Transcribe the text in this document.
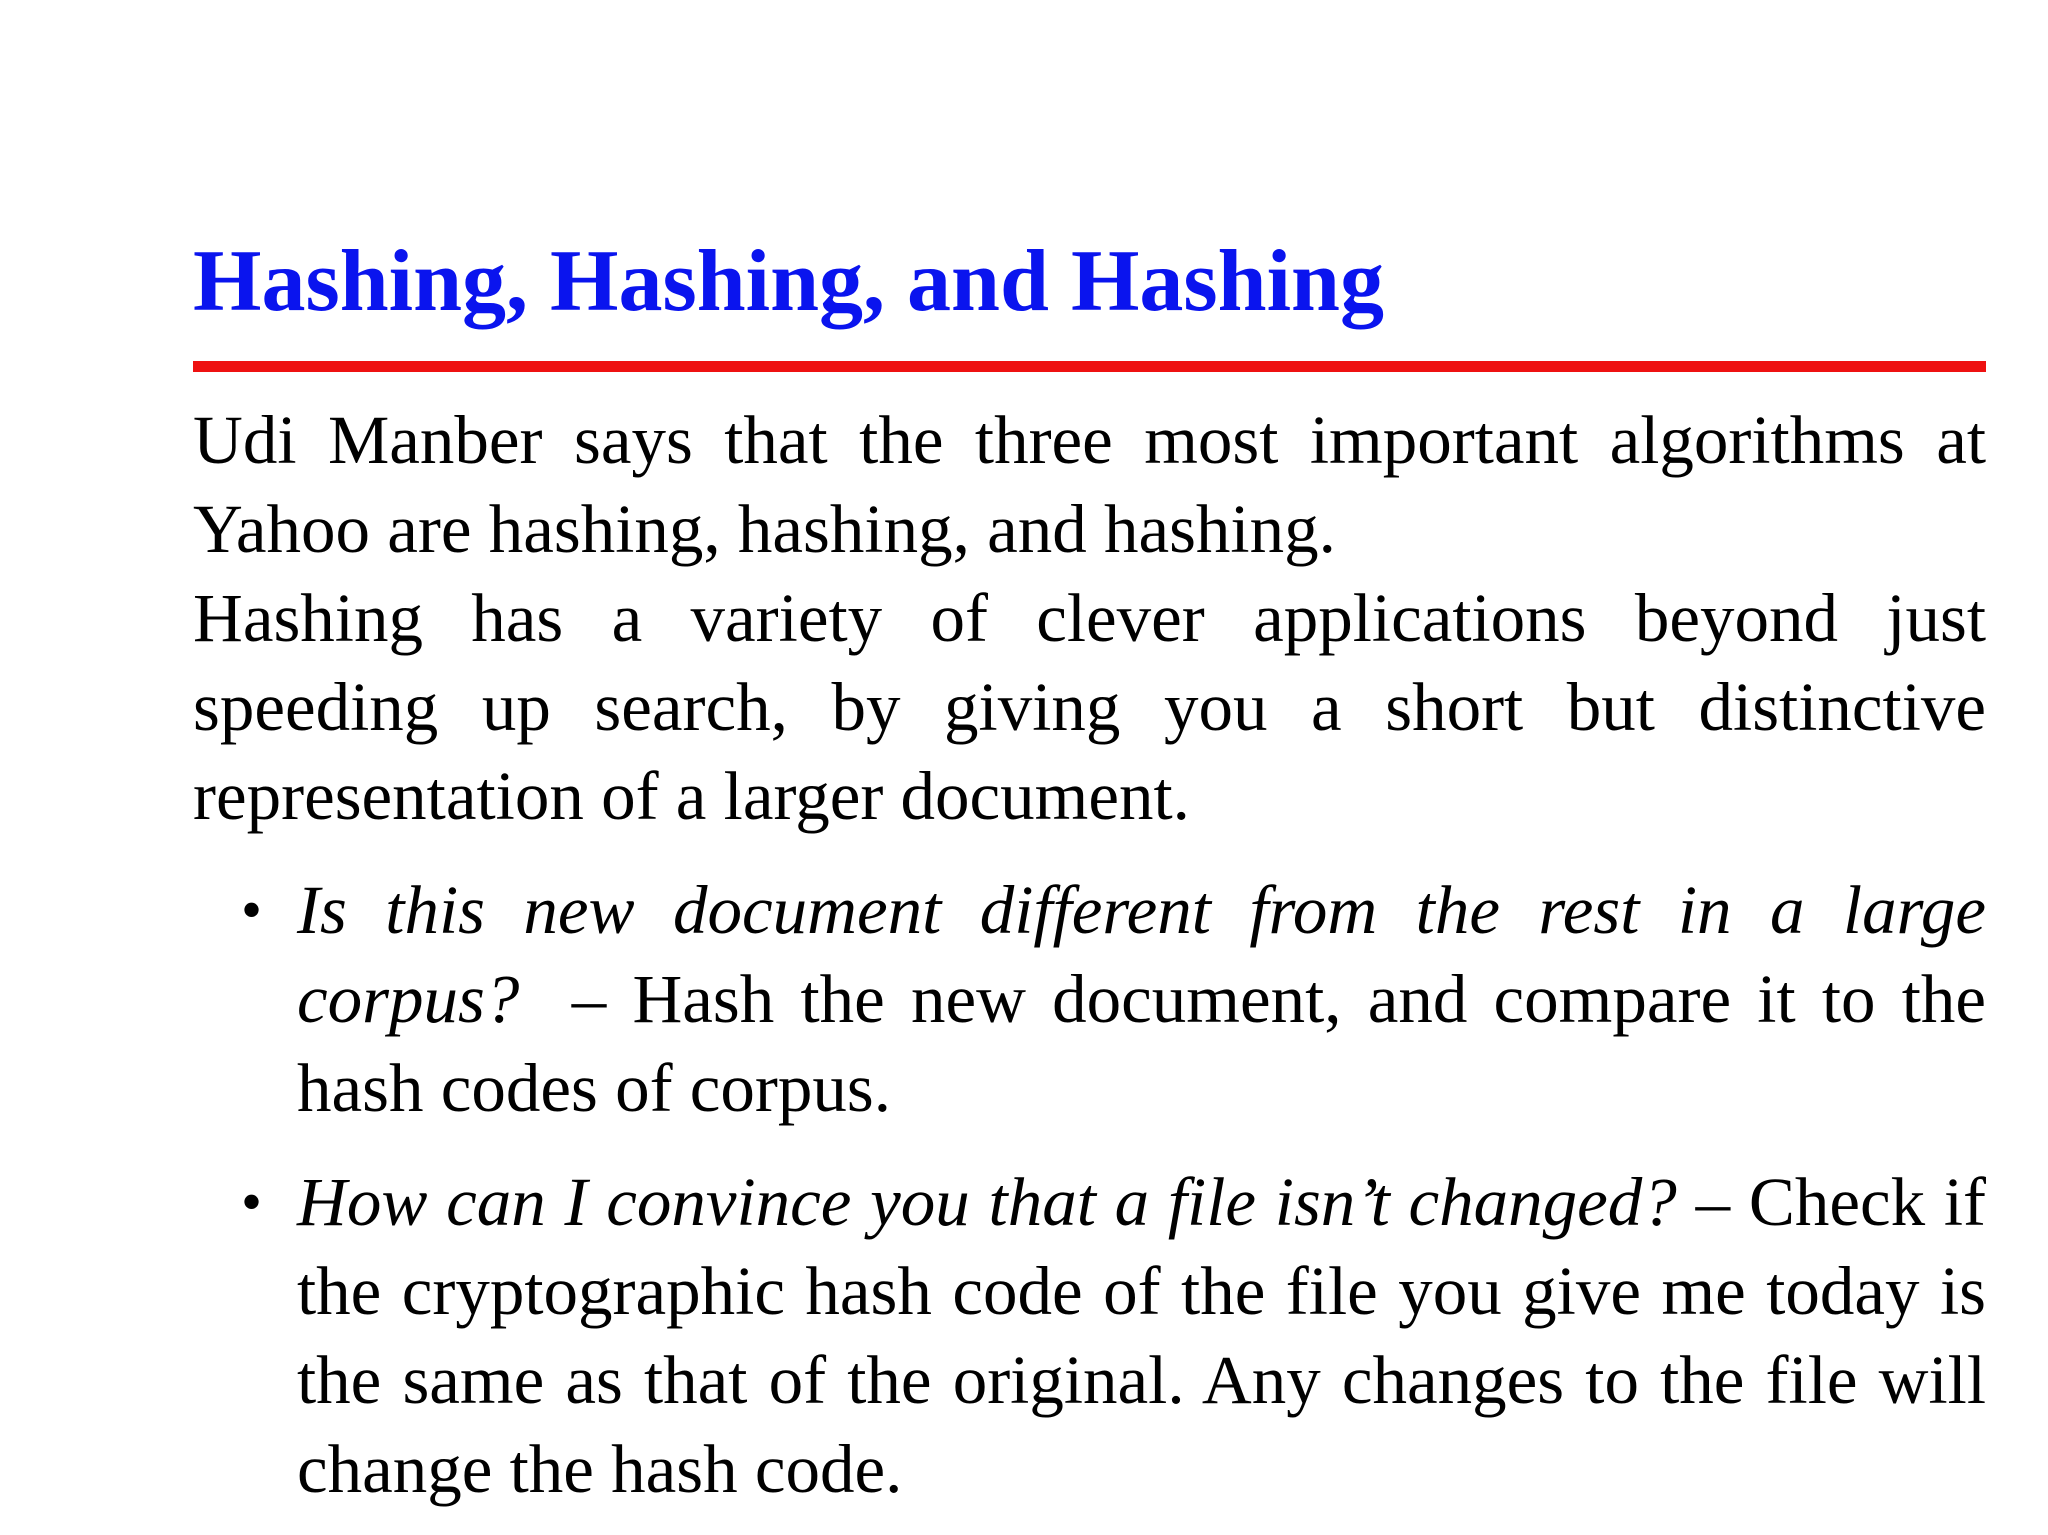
Hashing, Hashing, and Hashing

Udi Manber says that the three most important algorithms at Yahoo are hashing, hashing, and hashing.

Hashing has a variety of clever applications beyond just speeding up search, by giving you a short but distinctive representation of a larger document.

• Is this new document different from the rest in a large corpus? – Hash the new document, and compare it to the hash codes of corpus.
• How can I convince you that a file isn’t changed? – Check if the cryptographic hash code of the file you give me today is the same as that of the original. Any changes to the file will change the hash code.
